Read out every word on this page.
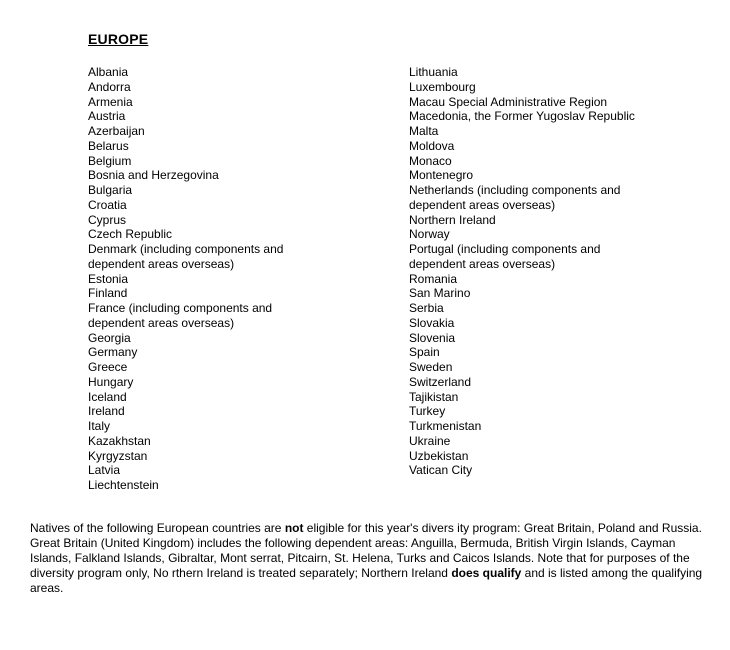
EUROPE
Albania
Andorra
Armenia
Austria
Azerbaijan
Belarus
Belgium
Bosnia and Herzegovina
Bulgaria
Croatia
Cyprus
Czech Republic
Denmark (including components and
dependent areas overseas)
Estonia
Finland
France (including components and
dependent areas overseas)
Georgia
Germany
Greece
Hungary
Iceland
Ireland
Italy
Kazakhstan
Kyrgyzstan
Latvia
Liechtenstein
Lithuania
Luxembourg
Macau Special Administrative Region
Macedonia, the Former Yugoslav Republic
Malta
Moldova
Monaco
Montenegro
Netherlands (including components and
dependent areas overseas)
Northern Ireland
Norway
Portugal (including components and
dependent areas overseas)
Romania
San Marino
Serbia
Slovakia
Slovenia
Spain
Sweden
Switzerland
Tajikistan
Turkey
Turkmenistan
Ukraine
Uzbekistan
Vatican City

Natives of the following European countries are not eligible for this year's divers ity program: Great Britain, Poland and Russia. Great Britain (United Kingdom) includes the following dependent areas: Anguilla, Bermuda, British Virgin Islands, Cayman Islands, Falkland Islands, Gibraltar, Mont serrat, Pitcairn, St. Helena, Turks and Caicos Islands. Note that for purposes of the diversity program only, No rthern Ireland is treated separately; Northern Ireland does qualify and is listed among the qualifying areas.
